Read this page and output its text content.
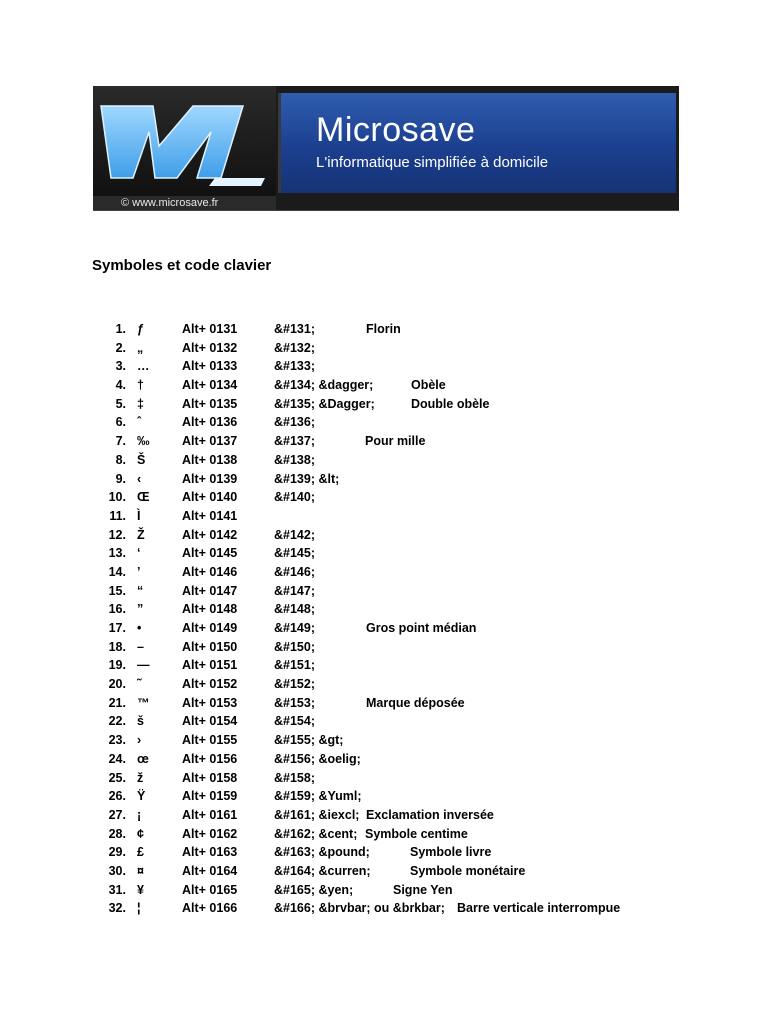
Microsave

L'informatique simplifiée à domicile

© www.microsave.fr
Symboles et code clavier
1. ƒ	Alt+ 0131	&#131;	Florin
2. „	Alt+ 0132	&#132;
3. …	Alt+ 0133	&#133;
4. †	Alt+ 0134	&#134; &dagger;	Obèle
5. ‡	Alt+ 0135	&#135; &Dagger;	Double obèle
6. ˆ	Alt+ 0136	&#136;
7. ‰	Alt+ 0137	&#137;	Pour mille
8. Š	Alt+ 0138	&#138;
9. ‹	Alt+ 0139	&#139; &lt;
10. Œ	Alt+ 0140	&#140;
11. Ì	Alt+ 0141
12. Ž	Alt+ 0142	&#142;
13. ‘	Alt+ 0145	&#145;
14. ’	Alt+ 0146	&#146;
15. “	Alt+ 0147	&#147;
16. ”	Alt+ 0148	&#148;
17. •	Alt+ 0149	&#149;	Gros point médian
18. –	Alt+ 0150	&#150;
19. —	Alt+ 0151	&#151;
20. ˜	Alt+ 0152	&#152;
21. ™	Alt+ 0153	&#153;	Marque déposée
22. š	Alt+ 0154	&#154;
23. ›	Alt+ 0155	&#155; &gt;
24. œ	Alt+ 0156	&#156; &oelig;
25. ž	Alt+ 0158	&#158;
26. Ÿ	Alt+ 0159	&#159; &Yuml;
27. ¡	Alt+ 0161	&#161; &iexcl; Exclamation inversée
28. ¢	Alt+ 0162	&#162; &cent; Symbole centime
29. £	Alt+ 0163	&#163; &pound;	Symbole livre
30. ¤	Alt+ 0164	&#164; &curren;	Symbole monétaire
31. ¥	Alt+ 0165	&#165; &yen;	Signe Yen
32. ¦	Alt+ 0166	&#166; &brvbar; ou &brkbar; Barre verticale interrompue
